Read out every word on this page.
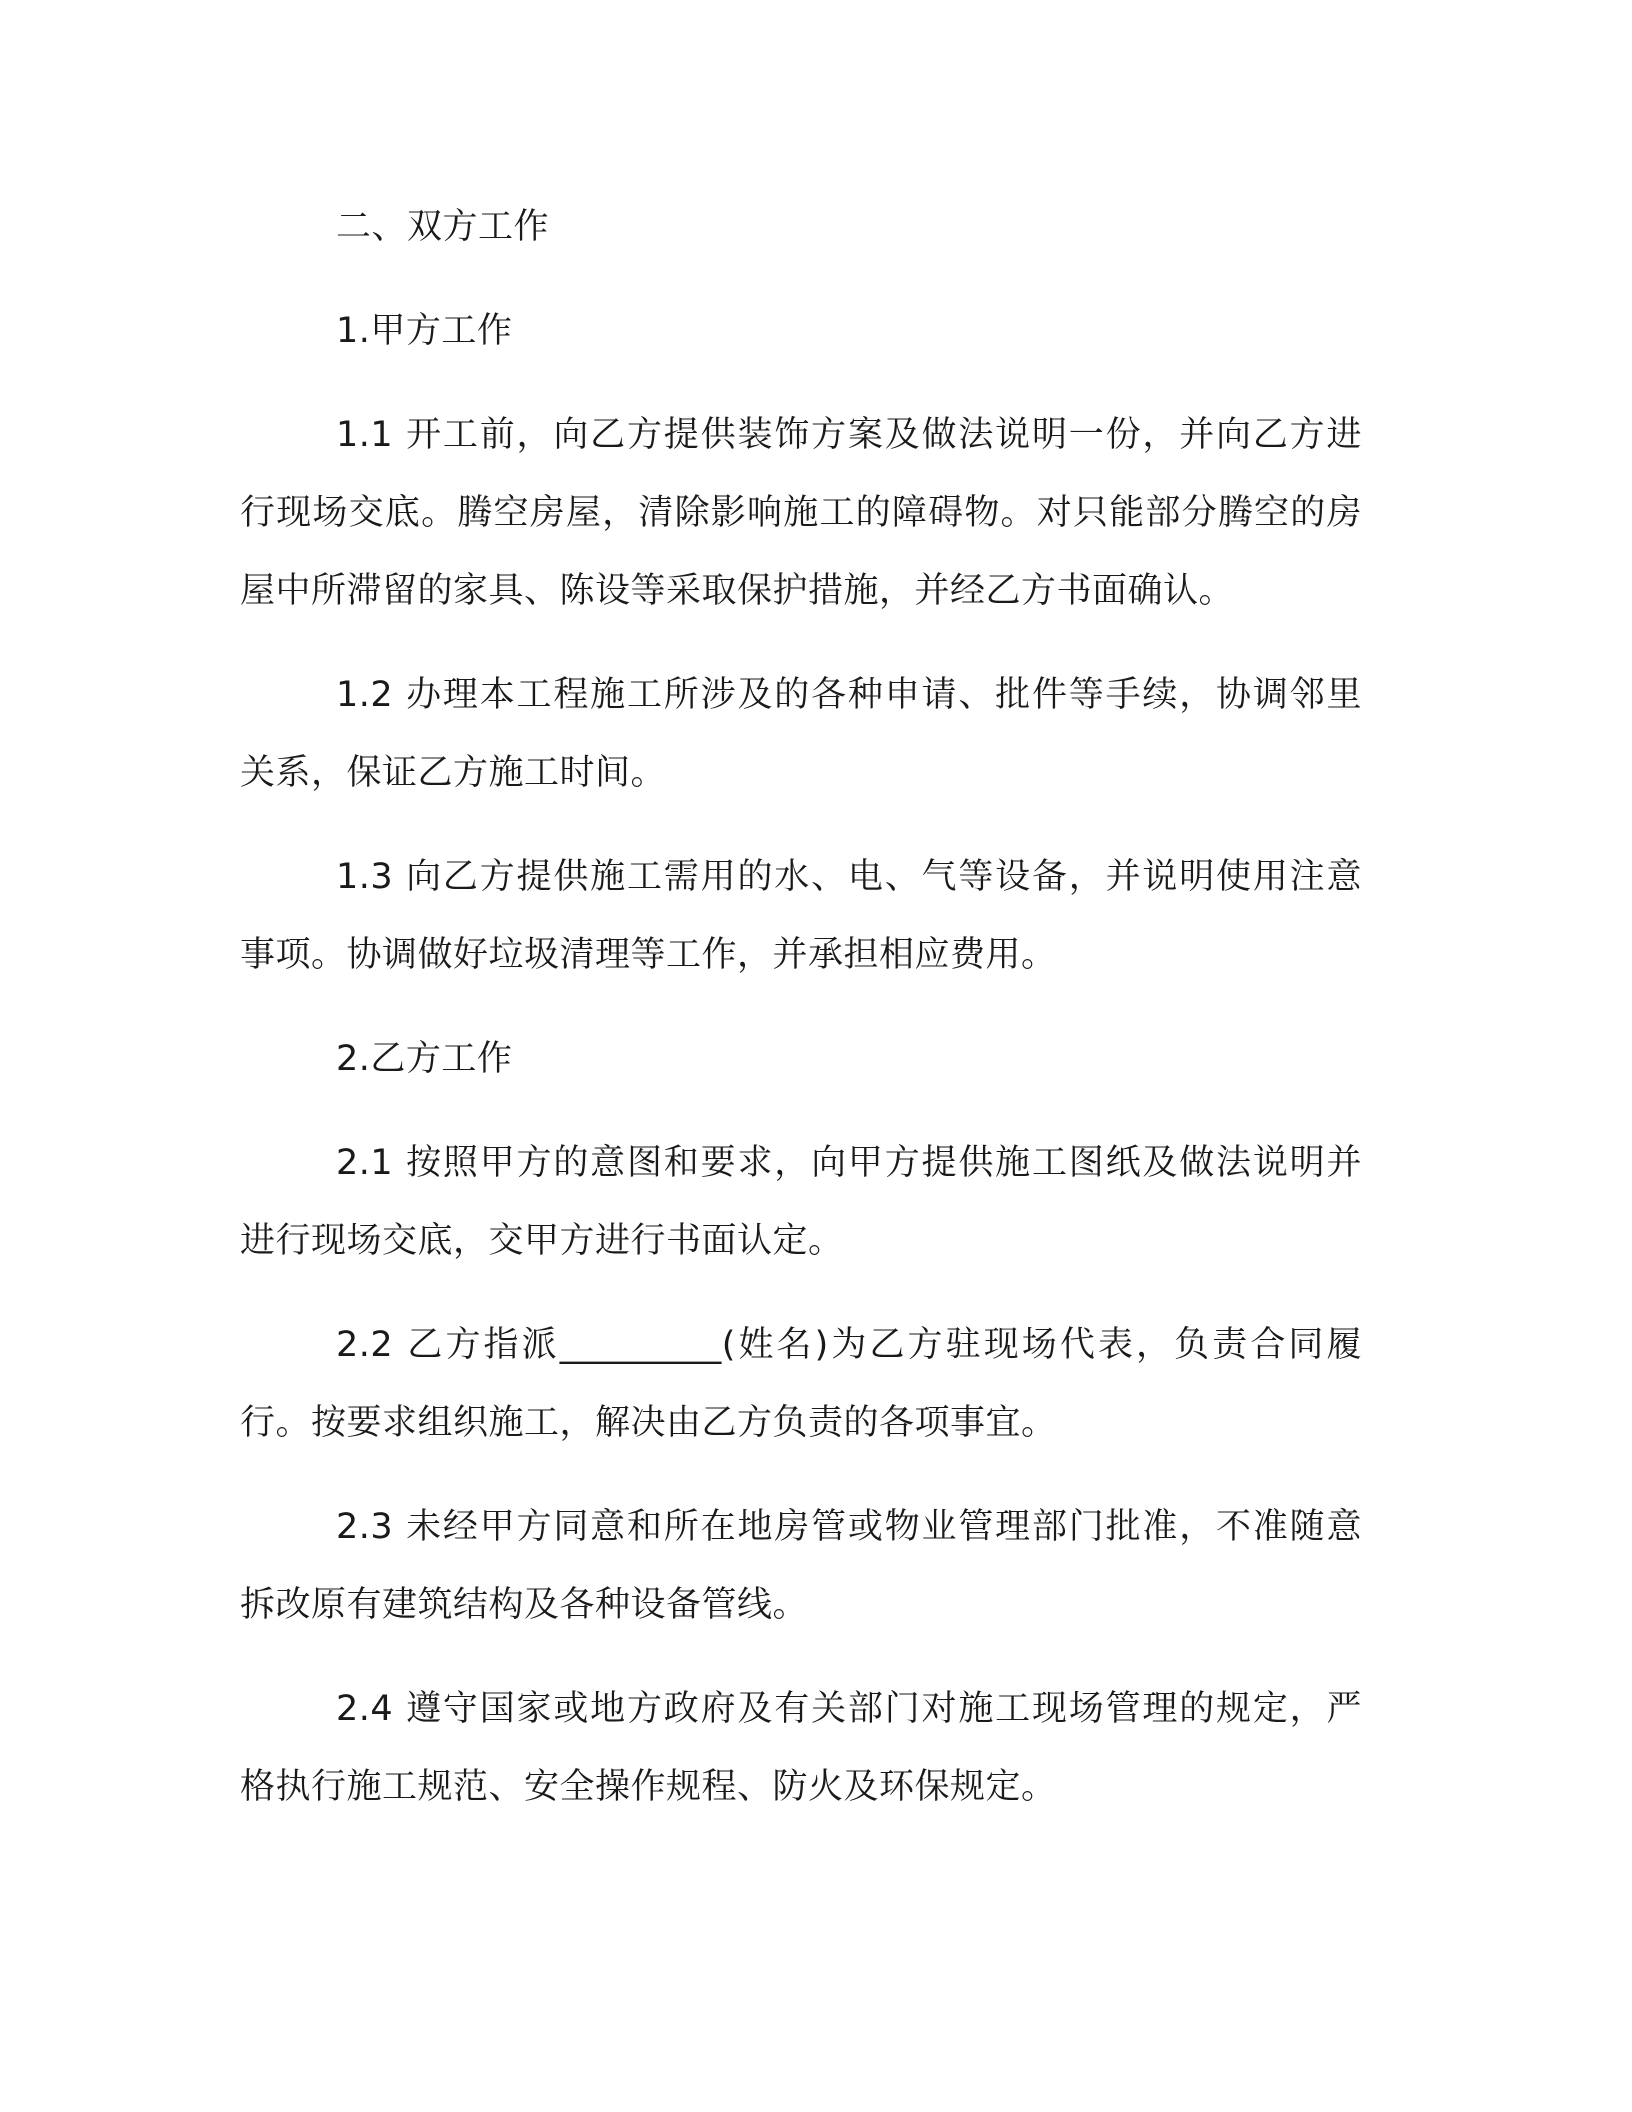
二、双方工作

1.甲方工作

1.1 开工前，向乙方提供装饰方案及做法说明一份，并向乙方进行现场交底。腾空房屋，清除影响施工的障碍物。对只能部分腾空的房屋中所滞留的家具、陈设等采取保护措施，并经乙方书面确认。

1.2 办理本工程施工所涉及的各种申请、批件等手续，协调邻里关系，保证乙方施工时间。

1.3 向乙方提供施工需用的水、电、气等设备，并说明使用注意事项。协调做好垃圾清理等工作，并承担相应费用。

2.乙方工作

2.1 按照甲方的意图和要求，向甲方提供施工图纸及做法说明并进行现场交底，交甲方进行书面认定。

2.2 乙方指派_________(姓名)为乙方驻现场代表，负责合同履行。按要求组织施工，解决由乙方负责的各项事宜。

2.3 未经甲方同意和所在地房管或物业管理部门批准，不准随意拆改原有建筑结构及各种设备管线。

2.4 遵守国家或地方政府及有关部门对施工现场管理的规定，严格执行施工规范、安全操作规程、防火及环保规定。
